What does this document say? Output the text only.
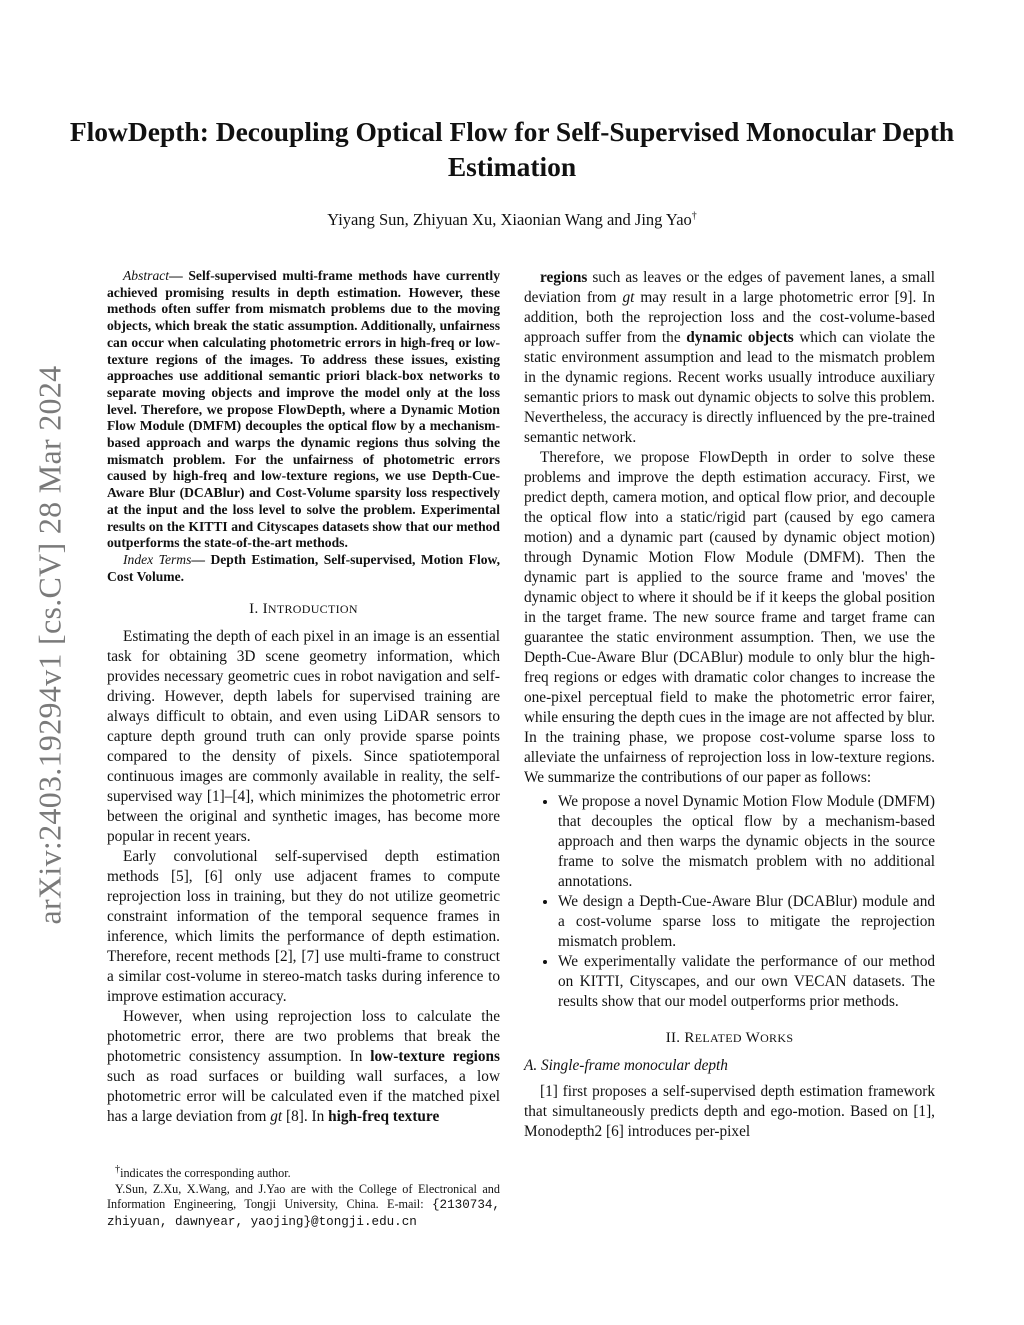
FlowDepth: Decoupling Optical Flow for Self-Supervised Monocular Depth Estimation
Yiyang Sun, Zhiyuan Xu, Xiaonian Wang and Jing Yao†
arXiv:2403.19294v1 [cs.CV] 28 Mar 2024

Abstract— Self-supervised multi-frame methods have currently achieved promising results in depth estimation. However, these methods often suffer from mismatch problems due to the moving objects, which break the static assumption. Additionally, unfairness can occur when calculating photometric errors in high-freq or low-texture regions of the images. To address these issues, existing approaches use additional semantic priori black-box networks to separate moving objects and improve the model only at the loss level. Therefore, we propose FlowDepth, where a Dynamic Motion Flow Module (DMFM) decouples the optical flow by a mechanism-based approach and warps the dynamic regions thus solving the mismatch problem. For the unfairness of photometric errors caused by high-freq and low-texture regions, we use Depth-Cue-Aware Blur (DCABlur) and Cost-Volume sparsity loss respectively at the input and the loss level to solve the problem. Experimental results on the KITTI and Cityscapes datasets show that our method outperforms the state-of-the-art methods.

Index Terms— Depth Estimation, Self-supervised, Motion Flow, Cost Volume.

I. INTRODUCTION

Estimating the depth of each pixel in an image is an essential task for obtaining 3D scene geometry information, which provides necessary geometric cues in robot navigation and self-driving. However, depth labels for supervised training are always difficult to obtain, and even using LiDAR sensors to capture depth ground truth can only provide sparse points compared to the density of pixels. Since spatiotemporal continuous images are commonly available in reality, the self-supervised way [1]–[4], which minimizes the photometric error between the original and synthetic images, has become more popular in recent years.

Early convolutional self-supervised depth estimation methods [5], [6] only use adjacent frames to compute reprojection loss in training, but they do not utilize geometric constraint information of the temporal sequence frames in inference, which limits the performance of depth estimation. Therefore, recent methods [2], [7] use multi-frame to construct a similar cost-volume in stereo-match tasks during inference to improve estimation accuracy.

However, when using reprojection loss to calculate the photometric error, there are two problems that break the photometric consistency assumption. In low-texture regions such as road surfaces or building wall surfaces, a low photometric error will be calculated even if the matched pixel has a large deviation from gt [8]. In high-freq texture

regions such as leaves or the edges of pavement lanes, a small deviation from gt may result in a large photometric error [9]. In addition, both the reprojection loss and the cost-volume-based approach suffer from the dynamic objects which can violate the static environment assumption and lead to the mismatch problem in the dynamic regions. Recent works usually introduce auxiliary semantic priors to mask out dynamic objects to solve this problem. Nevertheless, the accuracy is directly influenced by the pre-trained semantic network.

Therefore, we propose FlowDepth in order to solve these problems and improve the depth estimation accuracy. First, we predict depth, camera motion, and optical flow prior, and decouple the optical flow into a static/rigid part (caused by ego camera motion) and a dynamic part (caused by dynamic object motion) through Dynamic Motion Flow Module (DMFM). Then the dynamic part is applied to the source frame and 'moves' the dynamic object to where it should be if it keeps the global position in the target frame. The new source frame and target frame can guarantee the static environment assumption. Then, we use the Depth-Cue-Aware Blur (DCABlur) module to only blur the high-freq regions or edges with dramatic color changes to increase the one-pixel perceptual field to make the photometric error fairer, while ensuring the depth cues in the image are not affected by blur. In the training phase, we propose cost-volume sparse loss to alleviate the unfairness of reprojection loss in low-texture regions. We summarize the contributions of our paper as follows:

• We propose a novel Dynamic Motion Flow Module (DMFM) that decouples the optical flow by a mechanism-based approach and then warps the dynamic objects in the source frame to solve the mismatch problem with no additional annotations.
• We design a Depth-Cue-Aware Blur (DCABlur) module and a cost-volume sparse loss to mitigate the reprojection mismatch problem.
• We experimentally validate the performance of our method on KITTI, Cityscapes, and our own VECAN datasets. The results show that our model outperforms prior methods.
II. RELATED WORKS
A. Single-frame monocular depth

[1] first proposes a self-supervised depth estimation framework that simultaneously predicts depth and ego-motion. Based on [1], Monodepth2 [6] introduces per-pixel

†indicates the corresponding author.
Y.Sun, Z.Xu, X.Wang, and J.Yao are with the College of Electronical and Information Engineering, Tongji University, China. E-mail: {2130734, zhiyuan, dawnyear, yaojing}@tongji.edu.cn
